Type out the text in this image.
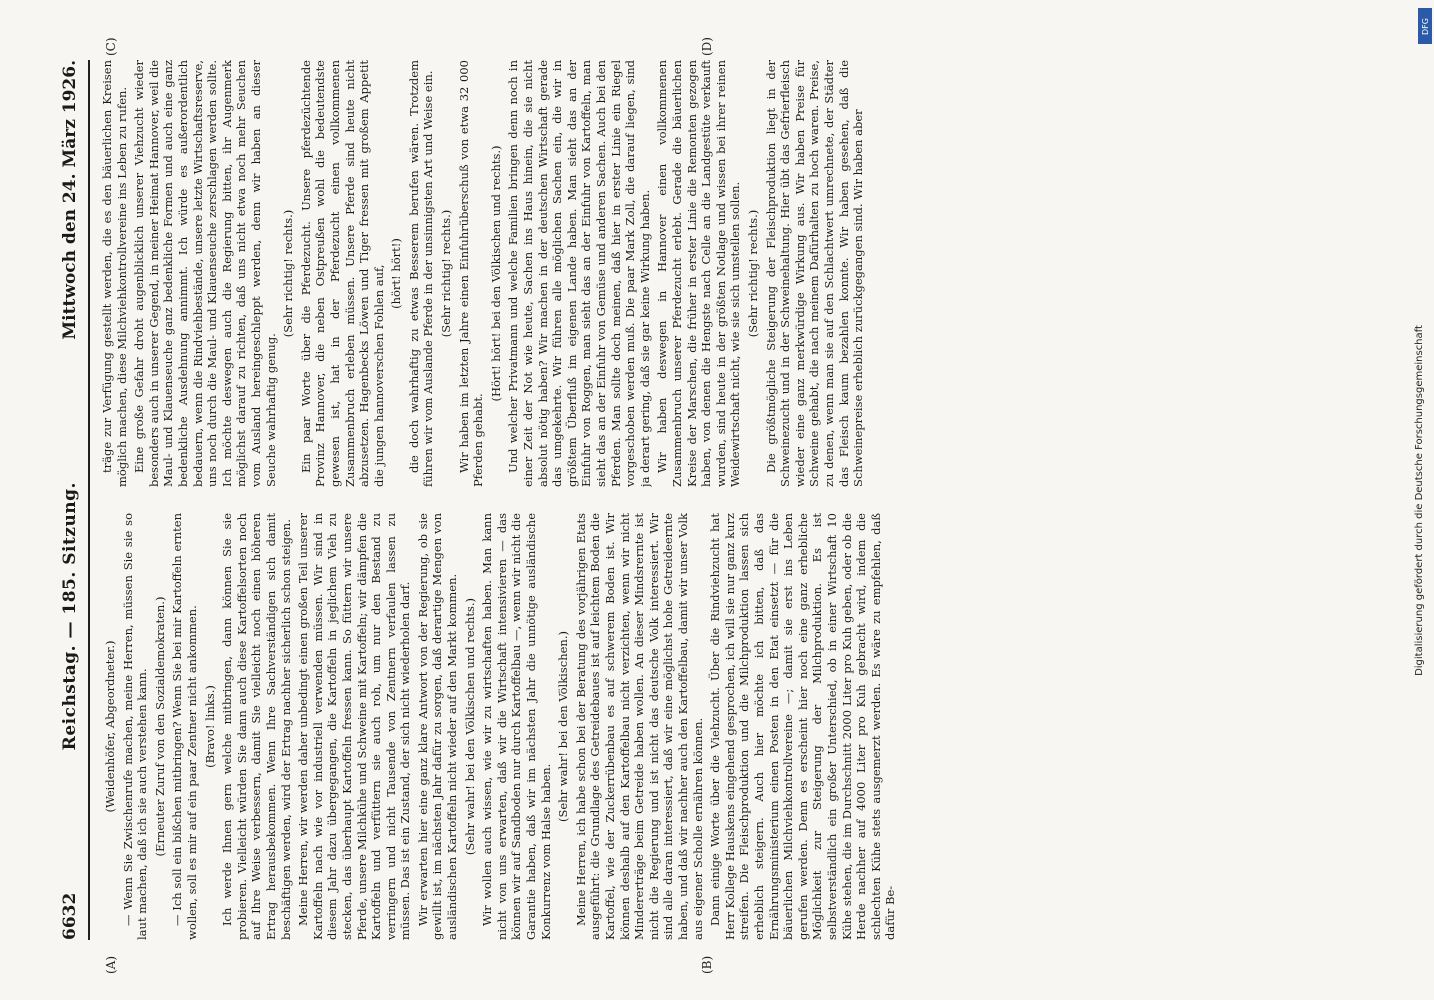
6632
Reichstag. — 185. Sitzung.
Mittwoch den 24. März 1926.

(Weidenhöfer, Abgeordneter.) — Wenn Sie Zwischenrufe machen, meine Herren, müssen Sie sie so laut machen, daß ich sie auch verstehen kann. (Erneuter Zuruf von den Sozialdemokraten.) — Ich soll ein bißchen mitbringen? Wenn Sie bei mir Kartoffeln ernten wollen, soll es mir auf ein paar Zentner nicht ankommen. (Bravo! links.) Ich werde Ihnen gern welche mitbringen, dann können Sie sie probieren. Vielleicht würden Sie dann auch diese Kartoffelsorten noch auf Ihre Weise verbessern, damit Sie vielleicht noch einen höheren Ertrag herausbekommen. Wenn Ihre Sachverständigen sich damit beschäftigen werden, wird der Ertrag nachher sicherlich schon steigen. Meine Herren, wir werden daher unbedingt einen großen Teil unserer Kartoffeln nach wie vor industriell verwenden müssen. Wir sind in diesem Jahr dazu übergegangen, die Kartoffeln in jeglichem Vieh zu stecken, das überhaupt Kartoffeln fressen kann. So füttern wir unsere Pferde, unsere Milchkühe und Schweine mit Kartoffeln; wir dämpfen die Kartoffeln und verfüttern sie auch roh, um nur den Bestand zu verringern und nicht Tausende von Zentnern verfaulen lassen zu müssen. Das ist ein Zustand, der sich nicht wiederholen darf. Wir erwarten hier eine ganz klare Antwort von der Regierung, ob sie gewillt ist, im nächsten Jahr dafür zu sorgen, daß derartige Mengen von ausländischen Kartoffeln nicht wieder auf den Markt kommen. (Sehr wahr! bei den Völkischen und rechts.) Wir wollen auch wissen, wie wir zu wirtschaften haben. Man kann nicht von uns erwarten, daß wir die Wirtschaft intensivieren — das können wir auf Sandboden nur durch Kartoffelbau —, wenn wir nicht die Garantie haben, daß wir im nächsten Jahr die unnötige ausländische Konkurrenz vom Halse haben.

(Sehr wahr! bei den Völkischen.) Meine Herren, ich habe schon bei der Beratung des vorjährigen Etats ausgeführt: die Grundlage des Getreidebaues ist auf leichtem Boden die Kartoffel, wie der Zuckerrübenbau es auf schwerem Boden ist. Wir können deshalb auf den Kartoffelbau nicht verzichten, wenn wir nicht Mindererträge beim Getreide haben wollen. An dieser Mindsrernte ist nicht die Regierung und ist nicht das deutsche Volk interessiert. Wir sind alle daran interessiert, daß wir eine möglichst hohe Getreideernte haben, und daß wir nachher auch den Kartoffelbau, damit wir unser Volk aus eigener Scholle ernähren können. Dann einige Worte über die Viehzucht. Über die Rindviehzucht hat Herr Kollege Hauskens eingehend gesprochen, ich will sie nur ganz kurz streifen. Die Fleischproduktion und die Milchproduktion lassen sich erheblich steigern. Auch hier möchte ich bitten, daß das Ernährungsministerium einen Posten in den Etat einsetzt — für die bäuerlichen Milchviehkontrollvereine —; damit sie erst ins Leben gerufen werden. Denn es erscheint hier noch eine ganz erhebliche Möglichkeit zur Steigerung der Milchproduktion. Es ist selbstverständlich ein großer Unterschied, ob in einer Wirtschaft 10 Kühe stehen, die im Durchschnitt 2000 Liter pro Kuh geben, oder ob die Herde nachher auf 4000 Liter pro Kuh gebracht wird, indem die schlechten Kühe stets ausgemerzt werden. Es wäre zu empfehlen, daß dafür Be-

träge zur Verfügung gestellt werden, die es den bäuerlichen Kreisen möglich machen, diese Milchviehkontrollvereine ins Leben zu rufen. Eine große Gefahr droht augenblicklich unserer Viehzucht wieder besonders auch in unserer Gegend, in meiner Heimat Hannover, weil die Maul- und Klauenseuche ganz bedenkliche Formen und auch eine ganz bedenkliche Ausdehnung annimmt. Ich würde es außerordentlich bedauern, wenn die Rindviehbestände, unsere letzte Wirtschaftsreserve, uns noch durch die Maul- und Klauenseuche zerschlagen werden sollte. Ich möchte deswegen auch die Regierung bitten, ihr Augenmerk möglichst darauf zu richten, daß uns nicht etwa noch mehr Seuchen vom Ausland hereingeschleppt werden, denn wir haben an dieser Seuche wahrhaftig genug.

(Sehr richtig! rechts.) Ein paar Worte über die Pferdezucht. Unsere pferdezüchtende Provinz Hannover, die neben Ostpreußen wohl die bedeutendste gewesen ist, hat in der Pferdezucht einen vollkommenen Zusammenbruch erleben müssen. Unsere Pferde sind heute nicht abzusetzen. Hagenbecks Löwen und Tiger fressen mit großem Appetit die jungen hannoverschen Fohlen auf, (hört! hört!) die doch wahrhaftig zu etwas Besserem berufen wären. Trotzdem führen wir vom Auslande Pferde in der unsinnigsten Art und Weise ein. (Sehr richtig! rechts.) Wir haben im letzten Jahre einen Einfuhrüberschuß von etwa 32 000 Pferden gehabt.

(Hört! hört! bei den Völkischen und rechts.) Und welcher Privatmann und welche Familien bringen denn noch in einer Zeit der Not wie heute, Sachen ins Haus hinein, die sie nicht absolut nötig haben? Wir machen in der deutschen Wirtschaft gerade das umgekehrte. Wir führen alle möglichen Sachen ein, die wir in größtem Überfluß im eigenen Lande haben. Man sieht das an der Einfuhr von Roggen, man sieht das an der Einfuhr von Kartoffeln, man sieht das an der Einfuhr von Gemüse und anderen Sachen. Auch bei den Pferden. Man sollte doch meinen, daß hier in erster Linie ein Riegel vorgeschoben werden muß. Die paar Mark Zoll, die darauf liegen, sind ja derart gering, daß sie gar keine Wirkung haben. Wir haben deswegen in Hannover einen vollkommenen Zusammenbruch unserer Pferdezucht erlebt. Gerade die bäuerlichen Kreise der Marschen, die früher in erster Linie die Remonten gezogen haben, von denen die Hengste nach Celle an die Landgestüte verkauft wurden, sind heute in der größten Notlage und wissen bei ihrer reinen Weidewirtschaft nicht, wie sie sich umstellen sollen. (Sehr richtig! rechts.) Die größtmögliche Steigerung der Fleischproduktion liegt in der Schweinezucht und in der Schweinehaltung. Hier übt das Gefrierfleisch wieder eine ganz merkwürdige Wirkung aus. Wir haben Preise für Schweine gehabt, die nach meinem Dafürhalten zu hoch waren. Preise, zu denen, wenn man sie auf den Schlachtwert umrechnete, der Städter das Fleisch kaum bezahlen konnte. Wir haben gesehen, daß die Schweinepreise erheblich zurückgegangen sind. Wir haben aber

(A)	(B)
(C)	(D)
DFG
Digitalisierung gefördert durch die Deutsche Forschungsgemeinschaft
